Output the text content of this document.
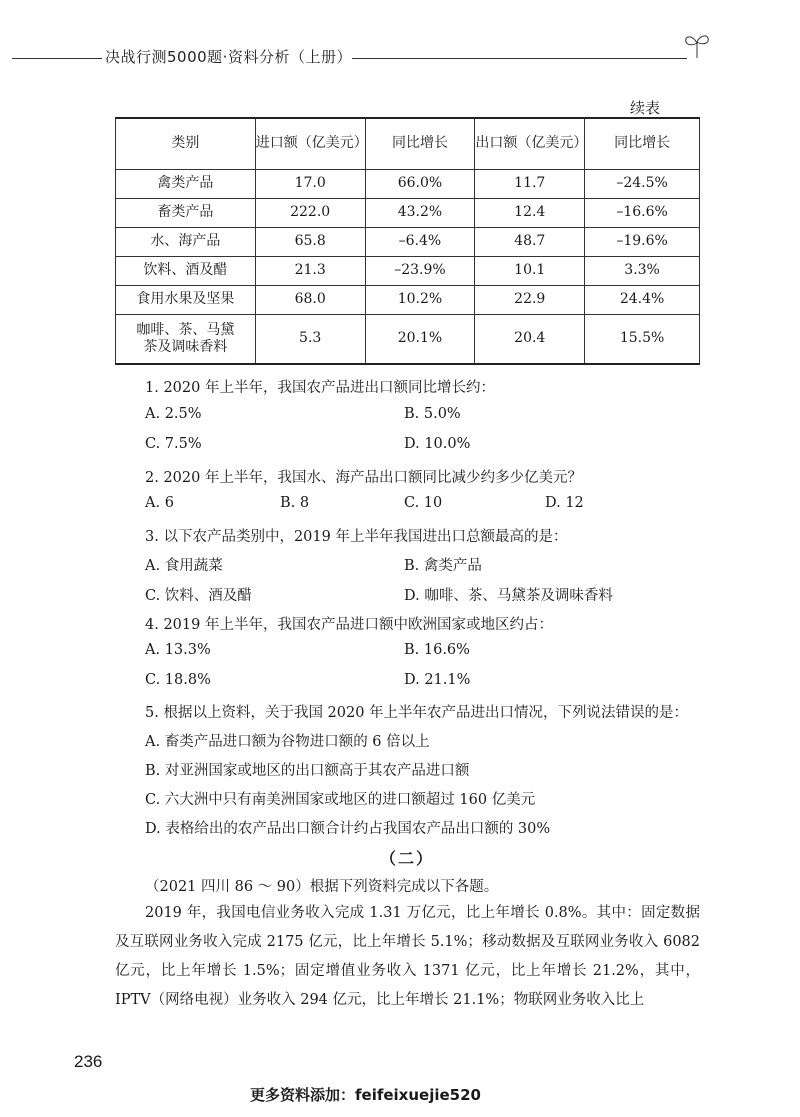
决战行测5000题·资料分析（上册）
续表
类别	进口额（亿美元）	同比增长	出口额（亿美元）	同比增长
禽类产品	17.0	66.0%	11.7	–24.5%
畜类产品	222.0	43.2%	12.4	–16.6%
水、海产品	65.8	–6.4%	48.7	–19.6%
饮料、酒及醋	21.3	–23.9%	10.1	3.3%
食用水果及坚果	68.0	10.2%	22.9	24.4%
咖啡、茶、马黛茶及调味香料	5.3	20.1%	20.4	15.5%
1. 2020 年上半年，我国农产品进出口额同比增长约：
A. 2.5%	B. 5.0%
C. 7.5%	D. 10.0%
2. 2020 年上半年，我国水、海产品出口额同比减少约多少亿美元？
A. 6	B. 8	C. 10	D. 12
3. 以下农产品类别中，2019 年上半年我国进出口总额最高的是：
A. 食用蔬菜	B. 禽类产品
C. 饮料、酒及醋	D. 咖啡、茶、马黛茶及调味香料
4. 2019 年上半年，我国农产品进口额中欧洲国家或地区约占：
A. 13.3%	B. 16.6%
C. 18.8%	D. 21.1%
5. 根据以上资料，关于我国 2020 年上半年农产品进出口情况，下列说法错误的是：
A. 畜类产品进口额为谷物进口额的 6 倍以上
B. 对亚洲国家或地区的出口额高于其农产品进口额
C. 六大洲中只有南美洲国家或地区的进口额超过 160 亿美元
D. 表格给出的农产品出口额合计约占我国农产品出口额的 30%
（二）
（2021 四川 86 ～ 90）根据下列资料完成以下各题。

2019 年，我国电信业务收入完成 1.31 万亿元，比上年增长 0.8%。其中：固定数据及互联网业务收入完成 2175 亿元，比上年增长 5.1%；移动数据及互联网业务收入 6082 亿元，比上年增长 1.5%；固定增值业务收入 1371 亿元，比上年增长 21.2%，其中，IPTV（网络电视）业务收入 294 亿元，比上年增长 21.1%；物联网业务收入比上

236
更多资料添加：feifeixuejie520
